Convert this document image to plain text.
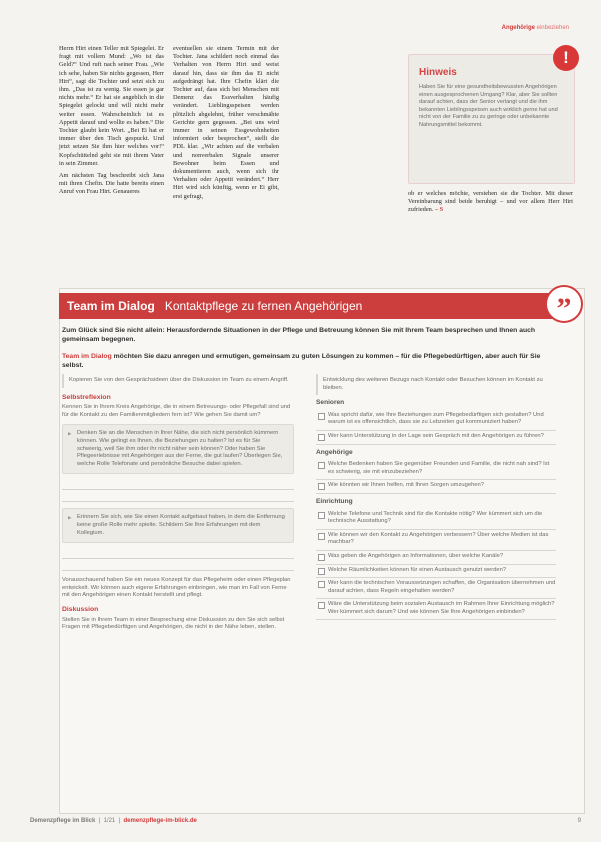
Angehörige einbeziehen

Herrn Hirt einen Teller mit Spiegelei. Er fragt mit vollem Mund: „Wo ist das Geld?“ Und ruft nach seiner Frau. „Wie ich sehe, haben Sie nichts gegessen, Herr Hirt“, sagt die Tochter und setzt sich zu ihm. „Das ist zu wenig. Sie essen ja gar nichts mehr.“ Er hat sie angeblich in die Spiegelei gelockt und will nicht mehr weiter essen. Wahrscheinlich ist es Appetit darauf und wollte es haben.“ Die Tochter glaubt kein Wort. „Bei Ei hat er immer über den Tisch gespuckt. Und jetzt setzen Sie ihm hier welches vor!“ Kopfschüttelnd geht sie mit ihrem Vater in sein Zimmer.

Am nächsten Tag beschreibt sich Jana mit ihren Chefin. Die hatte bereits einen Anruf von Frau Hirt. Genaueres

eventuellen sie einem Termin mit der Tochter. Jana schildert noch einmal das Verhalten von Herrn Hirt und weist darauf hin, dass sie ihm das Ei nicht aufgedrängt hat. Ihre Chefin klärt die Tochter auf, dass sich bei Menschen mit Demenz das Essverhalten häufig verändert. Lieblingsspeisen werden plötzlich abgelehnt, früher verschmähte Gerichte gern gegessen. „Bei uns wird immer in seinen Essgewohnheiten informiert oder besprochen“, stellt die PDL klar. „Wir achten auf die verbalen und nonverbalen Signale unserer Bewohner beim Essen und dokumentieren auch, wenn sich ihr Verhalten oder Appetit verändert.“ Herr Hirt wird sich künftig, wenn er Ei gibt, erst gefragt,

Hinweis
Haben Sie für eine gesundheitsbewussten Angehörigen einen ausgesprochenen Umgang? Klar, aber Sie sollten darauf achten, dass der Senior verlangt und die ihm bekannten Lieblingsspeisen auch wirklich gerne hat und nicht von der Familie zu zu geringe oder unbekannte Nahrungsmittel bekommt.
!

ob er welches möchte, verstehen sie die Tochter. Mit dieser Vereinbarung sind beide beruhigt – und vor allem Herr Hirt zufrieden. – S

Team im Dialog Kontaktpflege zu fernen Angehörigen	”
Zum Glück sind Sie nicht allein: Herausfordernde Situationen in der Pflege und Betreuung können Sie mit Ihrem Team besprechen und Ihnen auch gemeinsam begegnen.
Team im Dialog möchten Sie dazu anregen und ermutigen, gemeinsam zu guten Lösungen zu kommen – für die Pflegebedürftigen, aber auch für Sie selbst.
Kopieren Sie von den Gesprächsideen über die Diskussion im Team zu einem Angriff.
Selbstreflexion
Kennen Sie in Ihrem Kreis Angehörige, die in einem Betreuungs- oder Pflegefall sind und für die Kontakt zu den Familienmitgliedern fern ist? Wie gehen Sie damit um?
▶ Denken Sie an die Menschen in Ihrer Nähe, die sich nicht persönlich kümmern können. Wie gelingt es Ihnen, die Beziehungen zu halten? Ist es für Sie schwierig, weil Sie ihm oder ihr nicht näher sein können? Oder haben Sie Pflegeerlebnisse mit Angehörigen aus der Ferne, die gut laufen? Überlegen Sie, welche Rolle Telefonate und persönliche Besuche dabei spielen.
▶ Erinnern Sie sich, wie Sie einen Kontakt aufgebaut haben, in dem die Entfernung keine große Rolle mehr spielte. Schildern Sie Ihre Erfahrungen mit dem Kollegium.
Vorausschauend haben Sie ein neues Konzept für das Pflegeheim oder einen Pflegeplan entwickelt. Wir können auch eigene Erfahrungen einbringen, wie man im Fall von Ferne mit den Angehörigen einen Kontakt herstellt und pflegt.
Diskussion
Stellen Sie in Ihrem Team in einer Besprechung eine Diskussion zu den Sie sich selbst Fragen mit Pflegebedürftigen und Angehörigen, die nicht in der Nähe leben, stellen.
Entwicklung des weiteren Bezugs nach Kontakt oder Besuchen können im Kontakt zu bleiben.
Senioren
Was spricht dafür, wie Ihre Beziehungen zum Pflegebedürftigen sich gestalten? Und warum ist es offensichtlich, dass sie zu Lebzeiten gut kommuniziert haben?
Wer kann Unterstützung in der Lage sein Gespräch mit den Angehörigen zu führen?
Angehörige
Welche Bedenken haben Sie gegenüber Freunden und Familie, die nicht nah sind? Ist es schwierig, sie mit einzubeziehen?
Wie könnten wir Ihnen helfen, mit Ihren Sorgen umzugehen?
Einrichtung
Welche Telefone und Technik sind für die Kontakte nötig? Wer kümmert sich um die technische Ausstattung?
Wie können wir den Kontakt zu Angehörigen verbessern? Über welche Medien ist das machbar?
Was geben die Angehörigen an Informationen, über welche Kanäle?
Welche Räumlichkeiten können für einen Austausch genutzt werden?
Wer kann die technischen Voraussetzungen schaffen, die Organisation übernehmen und darauf achten, dass Regeln eingehalten werden?
Wäre die Unterstützung beim sozialen Austausch im Rahmen Ihrer Einrichtung möglich? Wer kümmert sich darum? Und wie können Sie Ihre Angehörigen einbinden?
Demenzpflege im Blick  |  1/21  |  demenzpflege-im-blick.de	9
